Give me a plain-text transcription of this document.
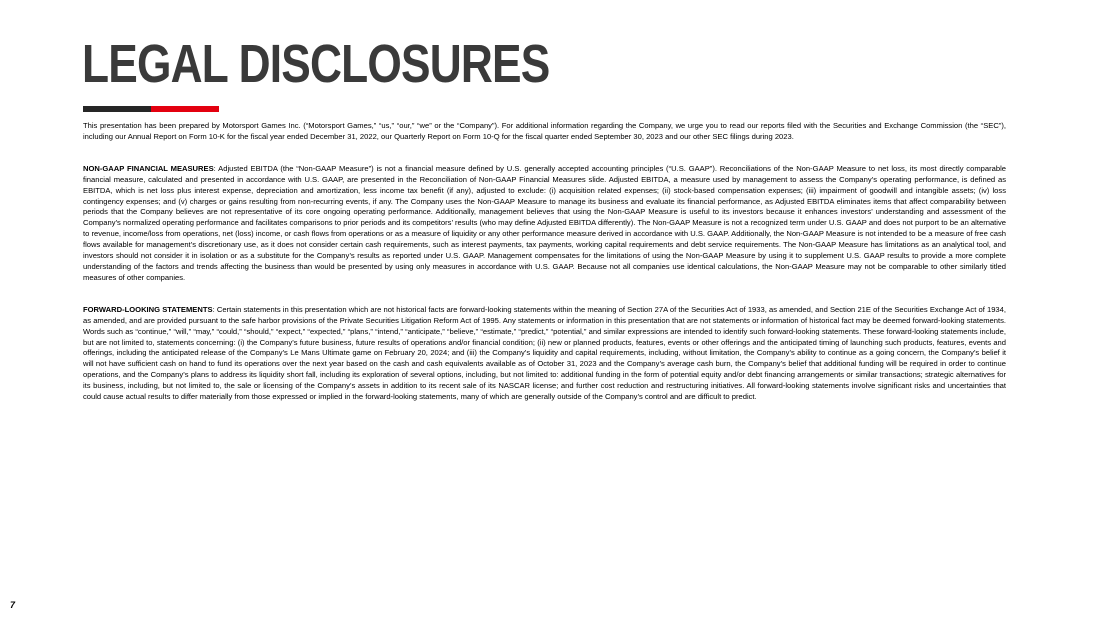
LEGAL DISCLOSURES

This presentation has been prepared by Motorsport Games Inc. (“Motorsport Games,” “us,” “our,” “we” or the “Company”). For additional information regarding the Company, we urge you to read our reports filed with the Securities and Exchange Commission (the “SEC”), including our Annual Report on Form 10-K for the fiscal year ended December 31, 2022, our Quarterly Report on Form 10-Q for the fiscal quarter ended September 30, 2023 and our other SEC filings during 2023.

NON-GAAP FINANCIAL MEASURES: Adjusted EBITDA (the “Non-GAAP Measure”) is not a financial measure defined by U.S. generally accepted accounting principles (“U.S. GAAP”). Reconciliations of the Non-GAAP Measure to net loss, its most directly comparable financial measure, calculated and presented in accordance with U.S. GAAP, are presented in the Reconciliation of Non-GAAP Financial Measures slide. Adjusted EBITDA, a measure used by management to assess the Company’s operating performance, is defined as EBITDA, which is net loss plus interest expense, depreciation and amortization, less income tax benefit (if any), adjusted to exclude: (i) acquisition related expenses; (ii) stock-based compensation expenses; (iii) impairment of goodwill and intangible assets; (iv) loss contingency expenses; and (v) charges or gains resulting from non-recurring events, if any. The Company uses the Non-GAAP Measure to manage its business and evaluate its financial performance, as Adjusted EBITDA eliminates items that affect comparability between periods that the Company believes are not representative of its core ongoing operating performance. Additionally, management believes that using the Non-GAAP Measure is useful to its investors because it enhances investors’ understanding and assessment of the Company’s normalized operating performance and facilitates comparisons to prior periods and its competitors’ results (who may define Adjusted EBITDA differently). The Non-GAAP Measure is not a recognized term under U.S. GAAP and does not purport to be an alternative to revenue, income/loss from operations, net (loss) income, or cash flows from operations or as a measure of liquidity or any other performance measure derived in accordance with U.S. GAAP. Additionally, the Non-GAAP Measure is not intended to be a measure of free cash flows available for management’s discretionary use, as it does not consider certain cash requirements, such as interest payments, tax payments, working capital requirements and debt service requirements. The Non-GAAP Measure has limitations as an analytical tool, and investors should not consider it in isolation or as a substitute for the Company’s results as reported under U.S. GAAP. Management compensates for the limitations of using the Non-GAAP Measure by using it to supplement U.S. GAAP results to provide a more complete understanding of the factors and trends affecting the business than would be presented by using only measures in accordance with U.S. GAAP. Because not all companies use identical calculations, the Non-GAAP Measure may not be comparable to other similarly titled measures of other companies.

FORWARD-LOOKING STATEMENTS: Certain statements in this presentation which are not historical facts are forward-looking statements within the meaning of Section 27A of the Securities Act of 1933, as amended, and Section 21E of the Securities Exchange Act of 1934, as amended, and are provided pursuant to the safe harbor provisions of the Private Securities Litigation Reform Act of 1995. Any statements or information in this presentation that are not statements or information of historical fact may be deemed forward-looking statements. Words such as “continue,” “will,” “may,” “could,” “should,” “expect,” “expected,” “plans,” “intend,” “anticipate,” “believe,” “estimate,” “predict,” “potential,” and similar expressions are intended to identify such forward-looking statements. These forward-looking statements include, but are not limited to, statements concerning: (i) the Company’s future business, future results of operations and/or financial condition; (ii) new or planned products, features, events or other offerings and the anticipated timing of launching such products, features, events and offerings, including the anticipated release of the Company’s Le Mans Ultimate game on February 20, 2024; and (iii) the Company’s liquidity and capital requirements, including, without limitation, the Company’s ability to continue as a going concern, the Company’s belief it will not have sufficient cash on hand to fund its operations over the next year based on the cash and cash equivalents available as of October 31, 2023 and the Company’s average cash burn, the Company’s belief that additional funding will be required in order to continue operations, and the Company’s plans to address its liquidity short fall, including its exploration of several options, including, but not limited to: additional funding in the form of potential equity and/or debt financing arrangements or similar transactions; strategic alternatives for its business, including, but not limited to, the sale or licensing of the Company’s assets in addition to its recent sale of its NASCAR license; and further cost reduction and restructuring initiatives. All forward-looking statements involve significant risks and uncertainties that could cause actual results to differ materially from those expressed or implied in the forward-looking statements, many of which are generally outside of the Company’s control and are difficult to predict.

7
